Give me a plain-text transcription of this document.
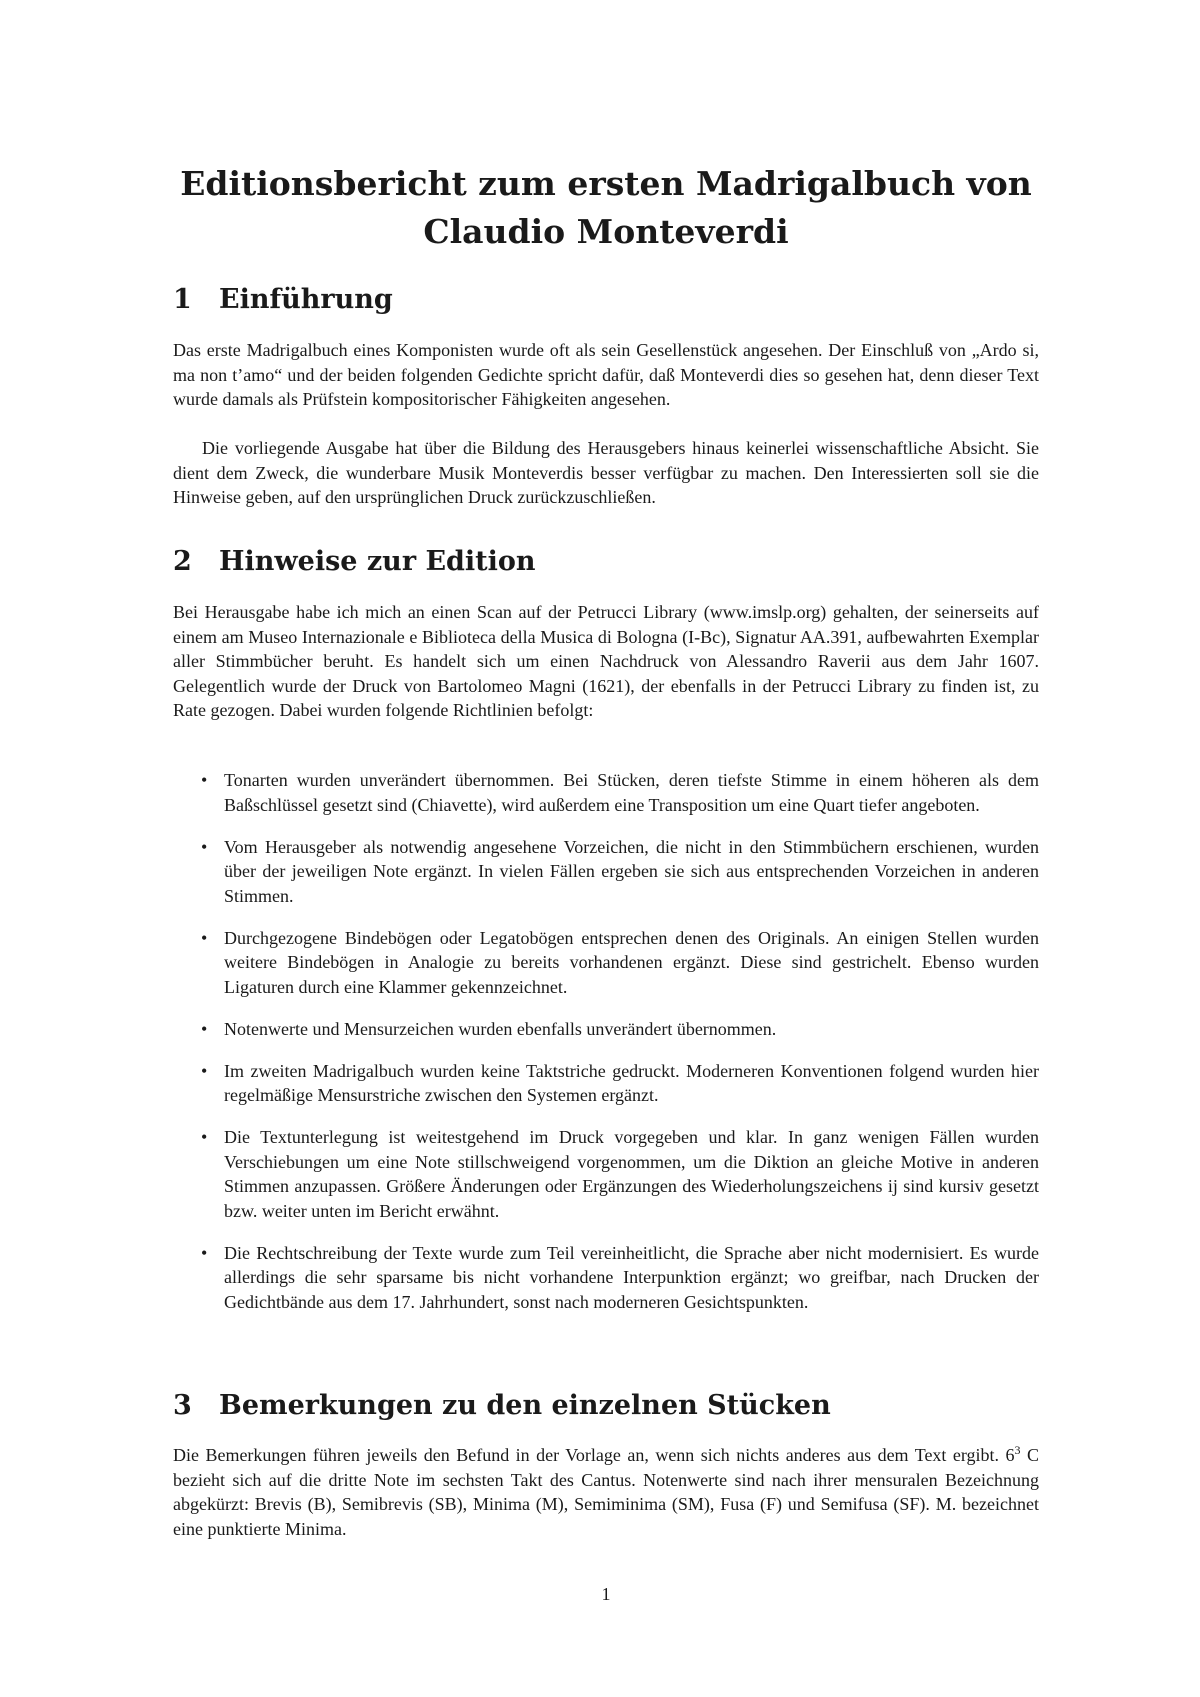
Editionsbericht zum ersten Madrigalbuch von
Claudio Monteverdi
1 Einführung

Das erste Madrigalbuch eines Komponisten wurde oft als sein Gesellenstück angesehen. Der Einschluß von „Ardo si, ma non t’amo“ und der beiden folgenden Gedichte spricht dafür, daß Monteverdi dies so gesehen hat, denn dieser Text wurde damals als Prüfstein kompositorischer Fähigkeiten angesehen.

Die vorliegende Ausgabe hat über die Bildung des Herausgebers hinaus keinerlei wissenschaftliche Absicht. Sie dient dem Zweck, die wunderbare Musik Monteverdis besser verfügbar zu machen. Den Interessierten soll sie die Hinweise geben, auf den ursprünglichen Druck zurückzuschließen.

2 Hinweise zur Edition

Bei Herausgabe habe ich mich an einen Scan auf der Petrucci Library (www.imslp.org) gehalten, der seinerseits auf einem am Museo Internazionale e Biblioteca della Musica di Bologna (I-Bc), Signatur AA.391, aufbewahrten Exemplar aller Stimmbücher beruht. Es handelt sich um einen Nachdruck von Alessandro Raverii aus dem Jahr 1607. Gelegentlich wurde der Druck von Bartolomeo Magni (1621), der ebenfalls in der Petrucci Library zu finden ist, zu Rate gezogen. Dabei wurden folgende Richtlinien befolgt:

• Tonarten wurden unverändert übernommen. Bei Stücken, deren tiefste Stimme in einem höheren als dem Baßschlüssel gesetzt sind (Chiavette), wird außerdem eine Transposition um eine Quart tiefer angeboten.
• Vom Herausgeber als notwendig angesehene Vorzeichen, die nicht in den Stimmbüchern erschienen, wurden über der jeweiligen Note ergänzt. In vielen Fällen ergeben sie sich aus entsprechenden Vorzeichen in anderen Stimmen.
• Durchgezogene Bindebögen oder Legatobögen entsprechen denen des Originals. An einigen Stellen wurden weitere Bindebögen in Analogie zu bereits vorhandenen ergänzt. Diese sind gestrichelt. Ebenso wurden Ligaturen durch eine Klammer gekennzeichnet.
• Notenwerte und Mensurzeichen wurden ebenfalls unverändert übernommen.
• Im zweiten Madrigalbuch wurden keine Taktstriche gedruckt. Moderneren Konventionen folgend wurden hier regelmäßige Mensurstriche zwischen den Systemen ergänzt.
• Die Textunterlegung ist weitestgehend im Druck vorgegeben und klar. In ganz wenigen Fällen wurden Verschiebungen um eine Note stillschweigend vorgenommen, um die Diktion an gleiche Motive in anderen Stimmen anzupassen. Größere Änderungen oder Ergänzungen des Wiederholungszeichens ij sind kursiv gesetzt bzw. weiter unten im Bericht erwähnt.
• Die Rechtschreibung der Texte wurde zum Teil vereinheitlicht, die Sprache aber nicht modernisiert. Es wurde allerdings die sehr sparsame bis nicht vorhandene Interpunktion ergänzt; wo greifbar, nach Drucken der Gedichtbände aus dem 17. Jahrhundert, sonst nach moderneren Gesichtspunkten.
3 Bemerkungen zu den einzelnen Stücken

Die Bemerkungen führen jeweils den Befund in der Vorlage an, wenn sich nichts anderes aus dem Text ergibt. $6^3$ C bezieht sich auf die dritte Note im sechsten Takt des Cantus. Notenwerte sind nach ihrer mensuralen Bezeichnung abgekürzt: Brevis (B), Semibrevis (SB), Minima (M), Semiminima (SM), Fusa (F) und Semifusa (SF). M. bezeichnet eine punktierte Minima.

1
